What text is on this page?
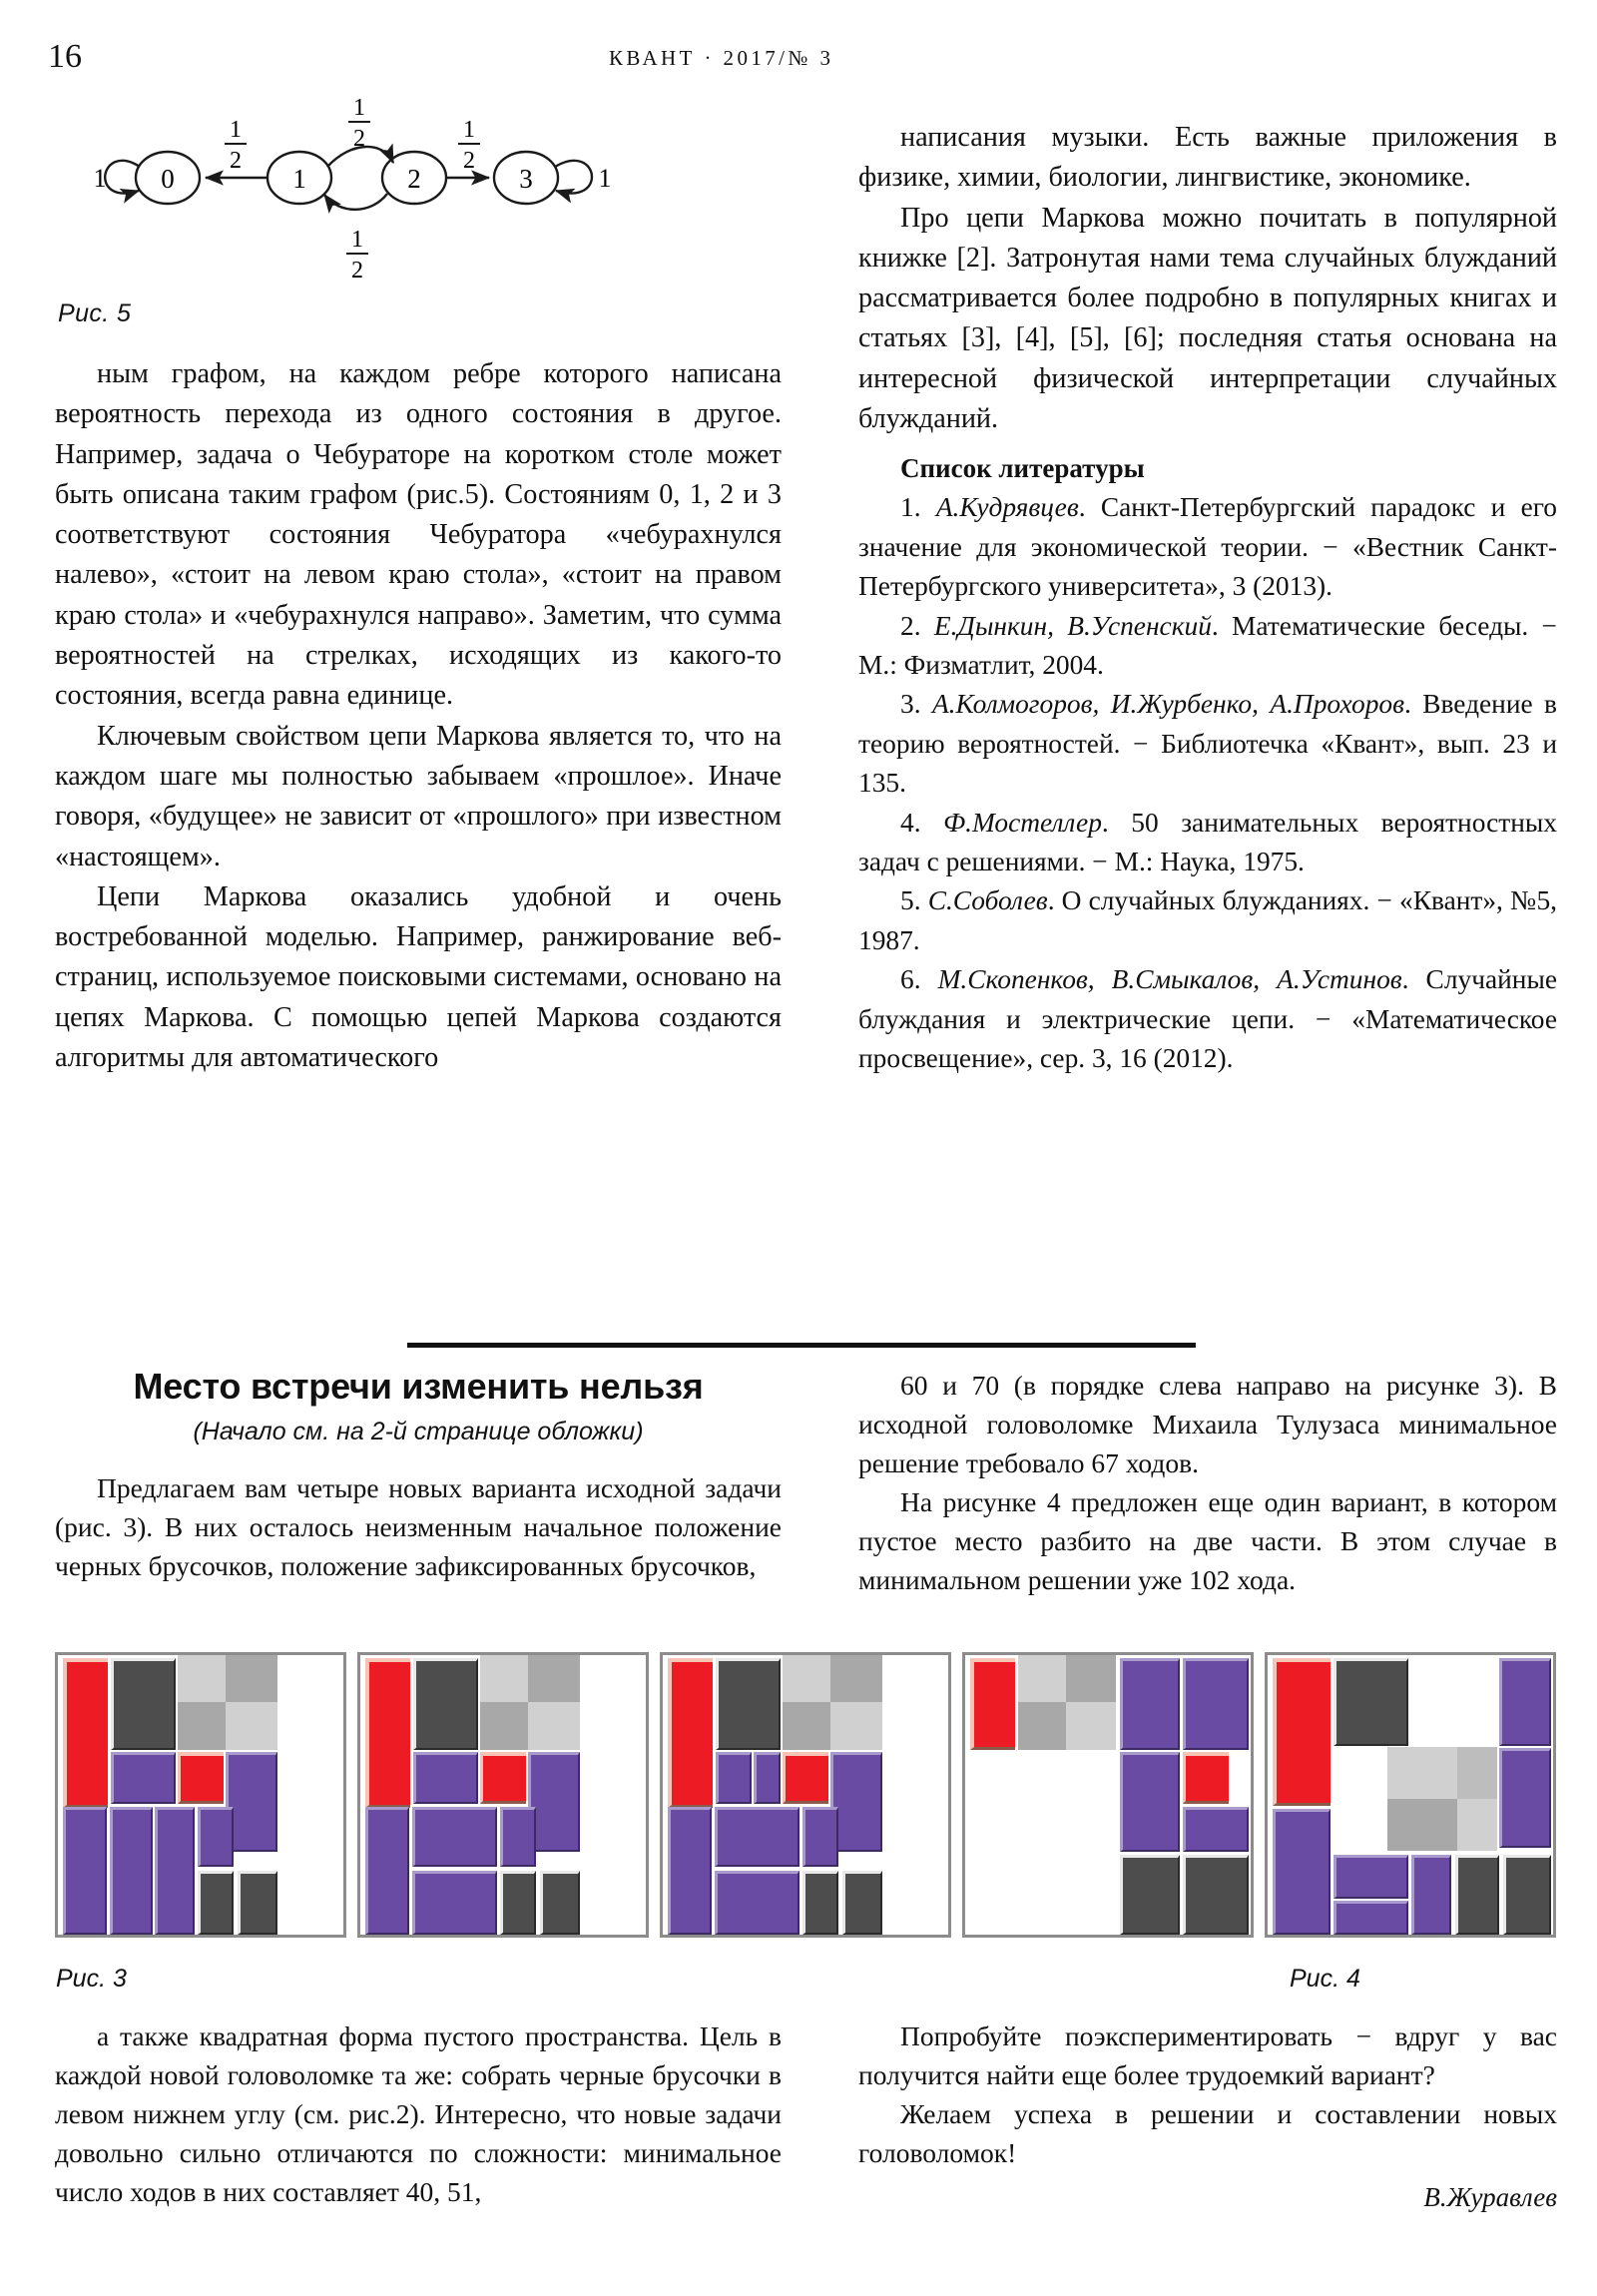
16	КВАНТ · 2017/№ 3
0	1	2	3
1	1
1
2
1
2	1
2
1
2
Рис. 5

ным графом, на каждом ребре которого написана вероятность перехода из одного состояния в другое. Например, задача о Чебураторе на коротком столе может быть описана таким графом (рис.5). Состояниям 0, 1, 2 и 3 соответствуют состояния Чебуратора «чебурахнулся налево», «стоит на левом краю стола», «стоит на правом краю стола» и «чебурахнулся направо». Заметим, что сумма вероятностей на стрелках, исходящих из какого-то состояния, всегда равна единице.

Ключевым свойством цепи Маркова является то, что на каждом шаге мы полностью забываем «прошлое». Иначе говоря, «будущее» не зависит от «прошлого» при известном «настоящем».

Цепи Маркова оказались удобной и очень востребованной моделью. Например, ранжирование веб-страниц, используемое поисковыми системами, основано на цепях Маркова. С помощью цепей Маркова создаются алгоритмы для автоматического

написания музыки. Есть важные приложения в физике, химии, биологии, лингвистике, экономике.

Про цепи Маркова можно почитать в популярной книжке [2]. Затронутая нами тема случайных блужданий рассматривается более подробно в популярных книгах и статьях [3], [4], [5], [6]; последняя статья основана на интересной физической интерпретации случайных блужданий.

Список литературы

1. А.Кудрявцев. Санкт-Петербургский парадокс и его значение для экономической теории. − «Вестник Санкт-Петербургского университета», 3 (2013).

2. Е.Дынкин, В.Успенский. Математические беседы. − М.: Физматлит, 2004.

3. А.Колмогоров, И.Журбенко, А.Прохоров. Введение в теорию вероятностей. − Библиотечка «Квант», вып. 23 и 135.

4. Ф.Мостеллер. 50 занимательных вероятностных задач с решениями. − М.: Наука, 1975.

5. С.Соболев. О случайных блужданиях. − «Квант», №5, 1987.

6. М.Скопенков, В.Смыкалов, А.Устинов. Случайные блуждания и электрические цепи. − «Математическое просвещение», сер. 3, 16 (2012).

Место встречи изменить нельзя
(Начало см. на 2-й странице обложки)

Предлагаем вам четыре новых варианта исходной задачи (рис. 3). В них осталось неизменным начальное положение черных брусочков, положение зафиксированных брусочков,

60 и 70 (в порядке слева направо на рисунке 3). В исходной головоломке Михаила Тулузаса минимальное решение требовало 67 ходов.

На рисунке 4 предложен еще один вариант, в котором пустое место разбито на две части. В этом случае в минимальном решении уже 102 хода.

Рис. 3	Рис. 4

а также квадратная форма пустого пространства. Цель в каждой новой головоломке та же: собрать черные брусочки в левом нижнем углу (см. рис.2). Интересно, что новые задачи довольно сильно отличаются по сложности: минимальное число ходов в них составляет 40, 51,

Попробуйте поэкспериментировать − вдруг у вас получится найти еще более трудоемкий вариант?

Желаем успеха в решении и составлении новых головоломок!

В.Журавлев
